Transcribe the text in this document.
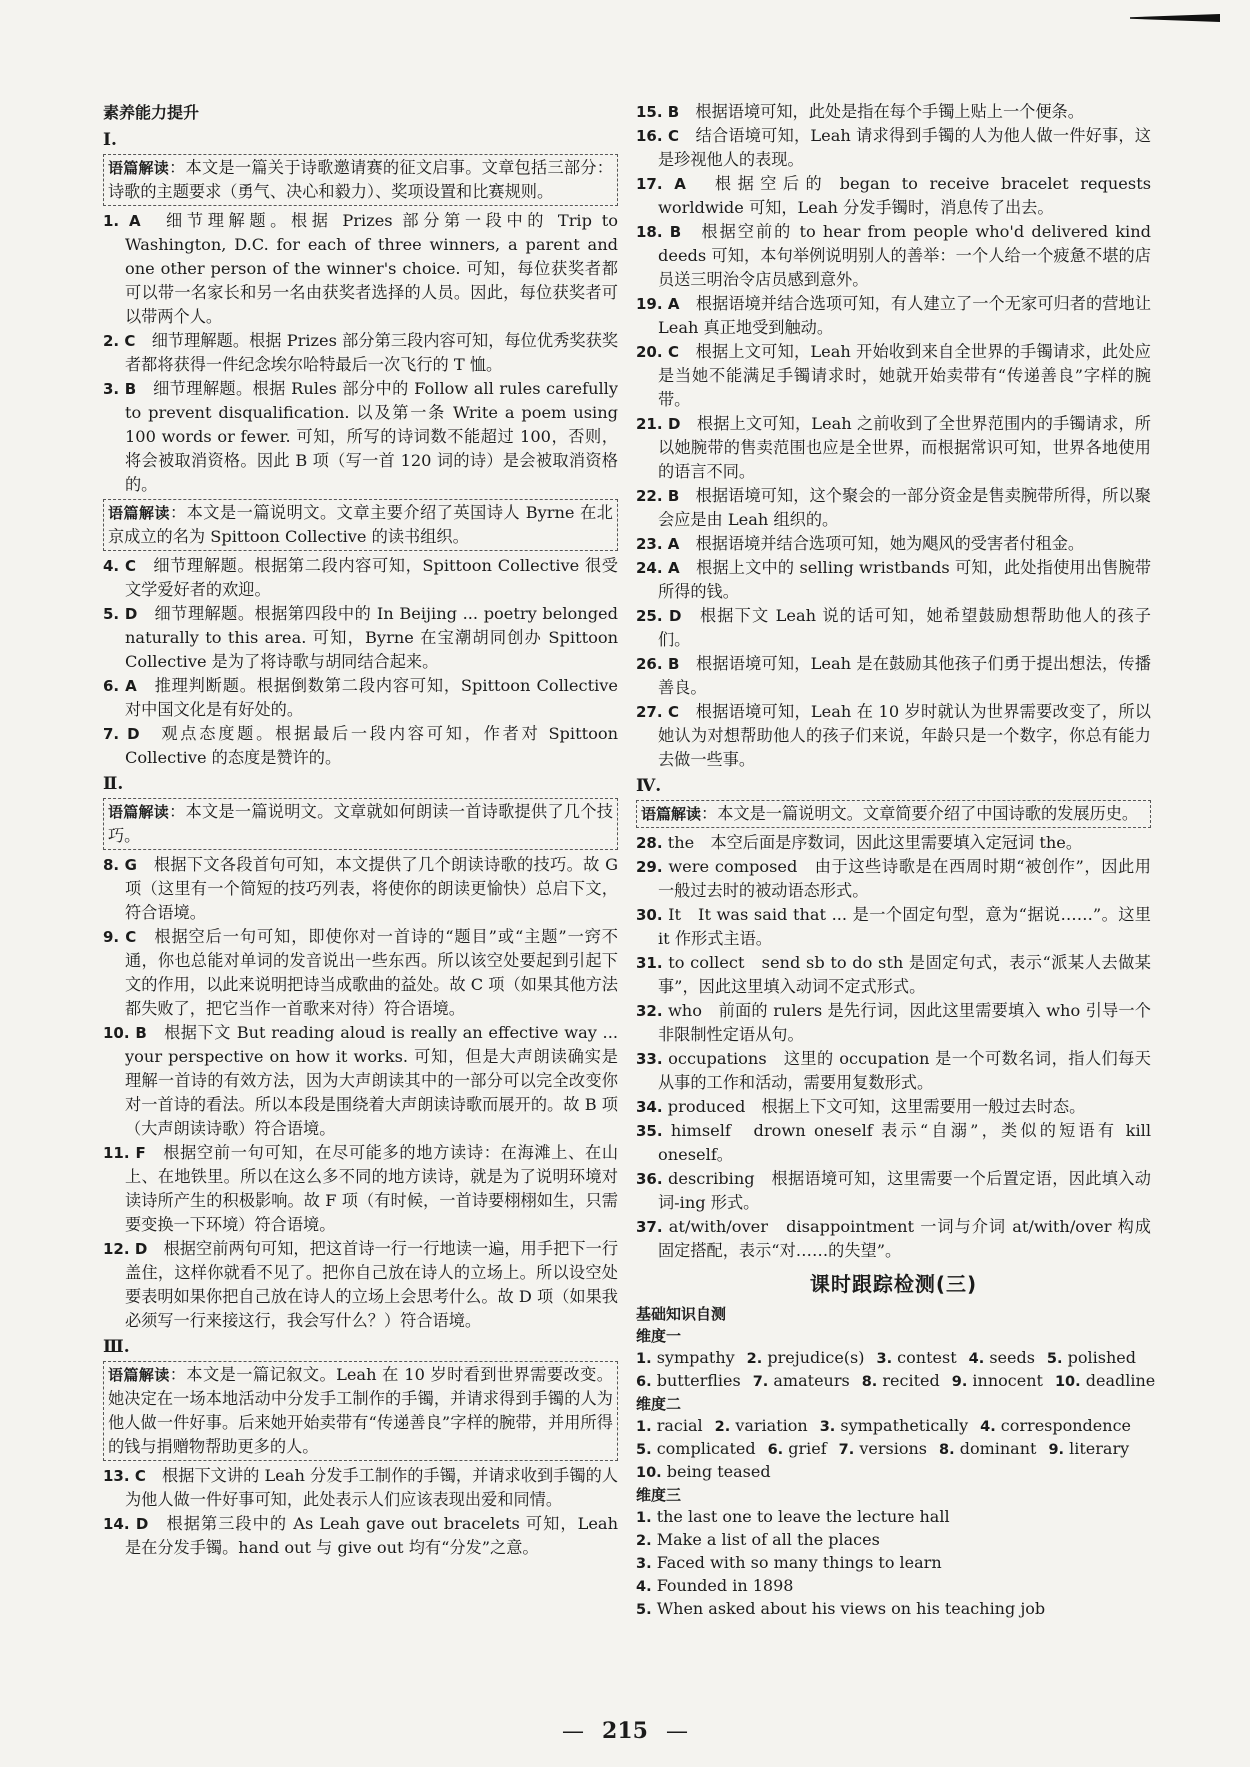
素养能力提升

Ⅰ.

语篇解读：本文是一篇关于诗歌邀请赛的征文启事。文章包括三部分：诗歌的主题要求（勇气、决心和毅力）、奖项设置和比赛规则。

1. A　细节理解题。根据 Prizes 部分第一段中的 Trip to Washington, D.C. for each of three winners, a parent and one other person of the winner's choice. 可知，每位获奖者都可以带一名家长和另一名由获奖者选择的人员。因此，每位获奖者可以带两个人。

2. C　细节理解题。根据 Prizes 部分第三段内容可知，每位优秀奖获奖者都将获得一件纪念埃尔哈特最后一次飞行的 T 恤。

3. B　细节理解题。根据 Rules 部分中的 Follow all rules carefully to prevent disqualification. 以及第一条 Write a poem using 100 words or fewer. 可知，所写的诗词数不能超过 100，否则，将会被取消资格。因此 B 项（写一首 120 词的诗）是会被取消资格的。

语篇解读：本文是一篇说明文。文章主要介绍了英国诗人 Byrne 在北京成立的名为 Spittoon Collective 的读书组织。

4. C　细节理解题。根据第二段内容可知，Spittoon Collective 很受文学爱好者的欢迎。

5. D　细节理解题。根据第四段中的 In Beijing ... poetry belonged naturally to this area. 可知，Byrne 在宝潮胡同创办 Spittoon Collective 是为了将诗歌与胡同结合起来。

6. A　推理判断题。根据倒数第二段内容可知，Spittoon Collective 对中国文化是有好处的。

7. D　观点态度题。根据最后一段内容可知，作者对 Spittoon Collective 的态度是赞许的。

Ⅱ.

语篇解读：本文是一篇说明文。文章就如何朗读一首诗歌提供了几个技巧。

8. G　根据下文各段首句可知，本文提供了几个朗读诗歌的技巧。故 G 项（这里有一个简短的技巧列表，将使你的朗读更愉快）总启下文，符合语境。

9. C　根据空后一句可知，即使你对一首诗的“题目”或“主题”一窍不通，你也总能对单词的发音说出一些东西。所以该空处要起到引起下文的作用，以此来说明把诗当成歌曲的益处。故 C 项（如果其他方法都失败了，把它当作一首歌来对待）符合语境。

10. B　根据下文 But reading aloud is really an effective way ... your perspective on how it works. 可知，但是大声朗读确实是理解一首诗的有效方法，因为大声朗读其中的一部分可以完全改变你对一首诗的看法。所以本段是围绕着大声朗读诗歌而展开的。故 B 项（大声朗读诗歌）符合语境。

11. F　根据空前一句可知，在尽可能多的地方读诗：在海滩上、在山上、在地铁里。所以在这么多不同的地方读诗，就是为了说明环境对读诗所产生的积极影响。故 F 项（有时候，一首诗要栩栩如生，只需要变换一下环境）符合语境。

12. D　根据空前两句可知，把这首诗一行一行地读一遍，用手把下一行盖住，这样你就看不见了。把你自己放在诗人的立场上。所以设空处要表明如果你把自己放在诗人的立场上会思考什么。故 D 项（如果我必须写一行来接这行，我会写什么？）符合语境。

Ⅲ.

语篇解读：本文是一篇记叙文。Leah 在 10 岁时看到世界需要改变。她决定在一场本地活动中分发手工制作的手镯，并请求得到手镯的人为他人做一件好事。后来她开始卖带有“传递善良”字样的腕带，并用所得的钱与捐赠物帮助更多的人。

13. C　根据下文讲的 Leah 分发手工制作的手镯，并请求收到手镯的人为他人做一件好事可知，此处表示人们应该表现出爱和同情。

14. D　根据第三段中的 As Leah gave out bracelets 可知，Leah 是在分发手镯。hand out 与 give out 均有“分发”之意。

15. B　根据语境可知，此处是指在每个手镯上贴上一个便条。

16. C　结合语境可知，Leah 请求得到手镯的人为他人做一件好事，这是珍视他人的表现。

17. A　根据空后的 began to receive bracelet requests worldwide 可知，Leah 分发手镯时，消息传了出去。

18. B　根据空前的 to hear from people who'd delivered kind deeds 可知，本句举例说明别人的善举：一个人给一个疲惫不堪的店员送三明治令店员感到意外。

19. A　根据语境并结合选项可知，有人建立了一个无家可归者的营地让 Leah 真正地受到触动。

20. C　根据上文可知，Leah 开始收到来自全世界的手镯请求，此处应是当她不能满足手镯请求时，她就开始卖带有“传递善良”字样的腕带。

21. D　根据上文可知，Leah 之前收到了全世界范围内的手镯请求，所以她腕带的售卖范围也应是全世界，而根据常识可知，世界各地使用的语言不同。

22. B　根据语境可知，这个聚会的一部分资金是售卖腕带所得，所以聚会应是由 Leah 组织的。

23. A　根据语境并结合选项可知，她为飓风的受害者付租金。

24. A　根据上文中的 selling wristbands 可知，此处指使用出售腕带所得的钱。

25. D　根据下文 Leah 说的话可知，她希望鼓励想帮助他人的孩子们。

26. B　根据语境可知，Leah 是在鼓励其他孩子们勇于提出想法，传播善良。

27. C　根据语境可知，Leah 在 10 岁时就认为世界需要改变了，所以她认为对想帮助他人的孩子们来说，年龄只是一个数字，你总有能力去做一些事。

Ⅳ.

语篇解读：本文是一篇说明文。文章简要介绍了中国诗歌的发展历史。

28. the　本空后面是序数词，因此这里需要填入定冠词 the。

29. were composed　由于这些诗歌是在西周时期“被创作”，因此用一般过去时的被动语态形式。

30. It　It was said that ... 是一个固定句型，意为“据说……”。这里 it 作形式主语。

31. to collect　send sb to do sth 是固定句式，表示“派某人去做某事”，因此这里填入动词不定式形式。

32. who　前面的 rulers 是先行词，因此这里需要填入 who 引导一个非限制性定语从句。

33. occupations　这里的 occupation 是一个可数名词，指人们每天从事的工作和活动，需要用复数形式。

34. produced　根据上下文可知，这里需要用一般过去时态。

35. himself　drown oneself 表示“自溺”，类似的短语有 kill oneself。

36. describing　根据语境可知，这里需要一个后置定语，因此填入动词-ing 形式。

37. at/with/over　disappointment 一词与介词 at/with/over 构成固定搭配，表示“对……的失望”。

课时跟踪检测(三)

基础知识自测

维度一

1. sympathy 2. prejudice(s) 3. contest 4. seeds 5. polished
6. butterflies 7. amateurs 8. recited 9. innocent 10. deadline

维度二

1. racial 2. variation 3. sympathetically 4. correspondence
5. complicated 6. grief 7. versions 8. dominant 9. literary
10. being teased

维度三

1. the last one to leave the lecture hall
2. Make a list of all the places
3. Faced with so many things to learn
4. Founded in 1898
5. When asked about his views on his teaching job
— 215 —
